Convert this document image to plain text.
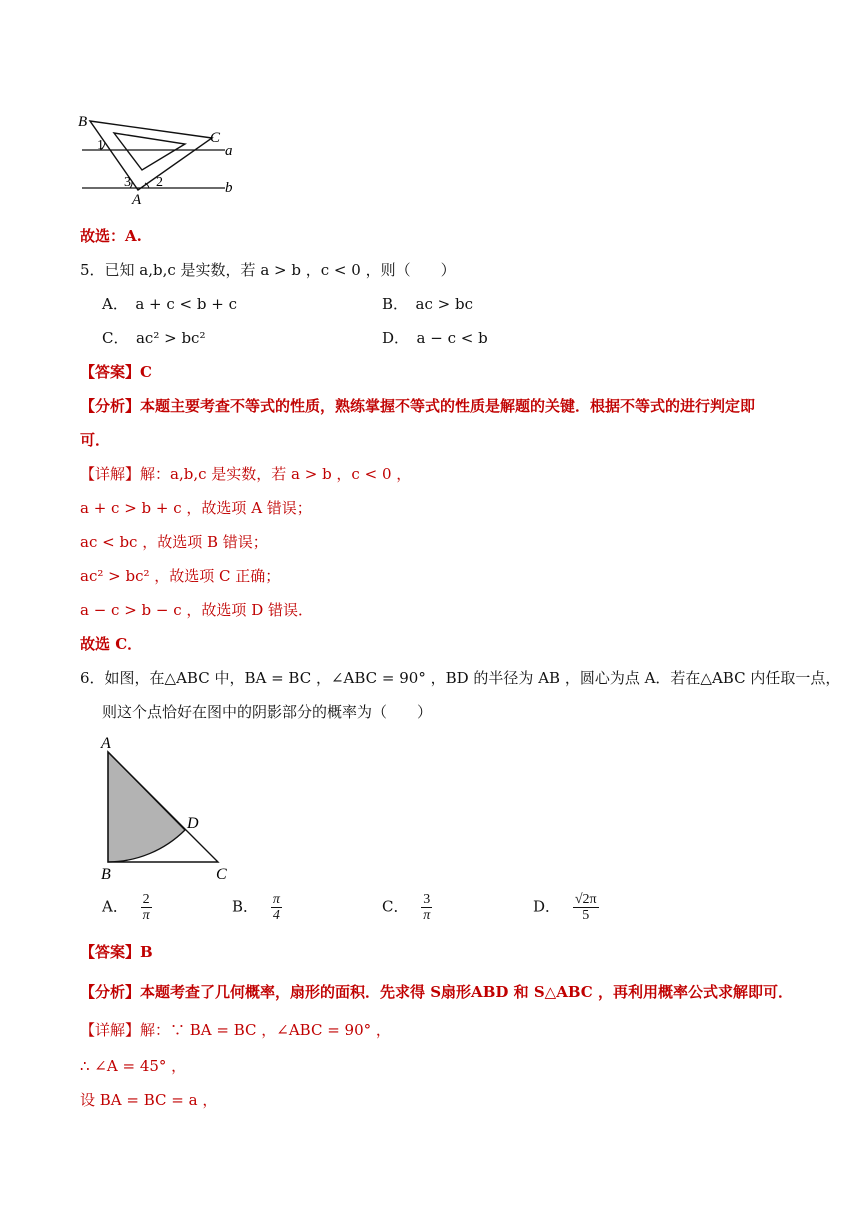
B
C
A
a
b
1
2
3
故选：A.
5．已知 a,b,c 是实数，若 a > b ，c < 0 ，则（　　）
A．　a + c < b + c	B．　ac > bc
C．　ac² > bc²	D．　a − c < b
【答案】C
【分析】本题主要考查不等式的性质，熟练掌握不等式的性质是解题的关键．根据不等式的进行判定即
可．
【详解】解：a,b,c 是实数，若 a > b ，c < 0 ，
a + c > b + c ，故选项 A 错误；
ac < bc ，故选项 B 错误；
ac² > bc² ，故选项 C 正确；
a − c > b − c ，故选项 D 错误．
故选 C．
6．如图，在△ABC 中，BA = BC ，∠ABC = 90° ，BD 的半径为 AB ，圆心为点 A．若在△ABC 内任取一点，
则这个点恰好在图中的阴影部分的概率为（　　）
A
B	C
D
A． $\frac{2}{\pi}$	B． $\frac{\pi}{4}$	C． $\frac{3}{\pi}$	D． $\frac{√2\pi}{5}$
【答案】B
【分析】本题考查了几何概率，扇形的面积．先求得 S扇形ABD 和 S△ABC ，再利用概率公式求解即可．
【详解】解：∵ BA = BC ，∠ABC = 90° ，
∴ ∠A = 45° ，
设 BA = BC = a ，
